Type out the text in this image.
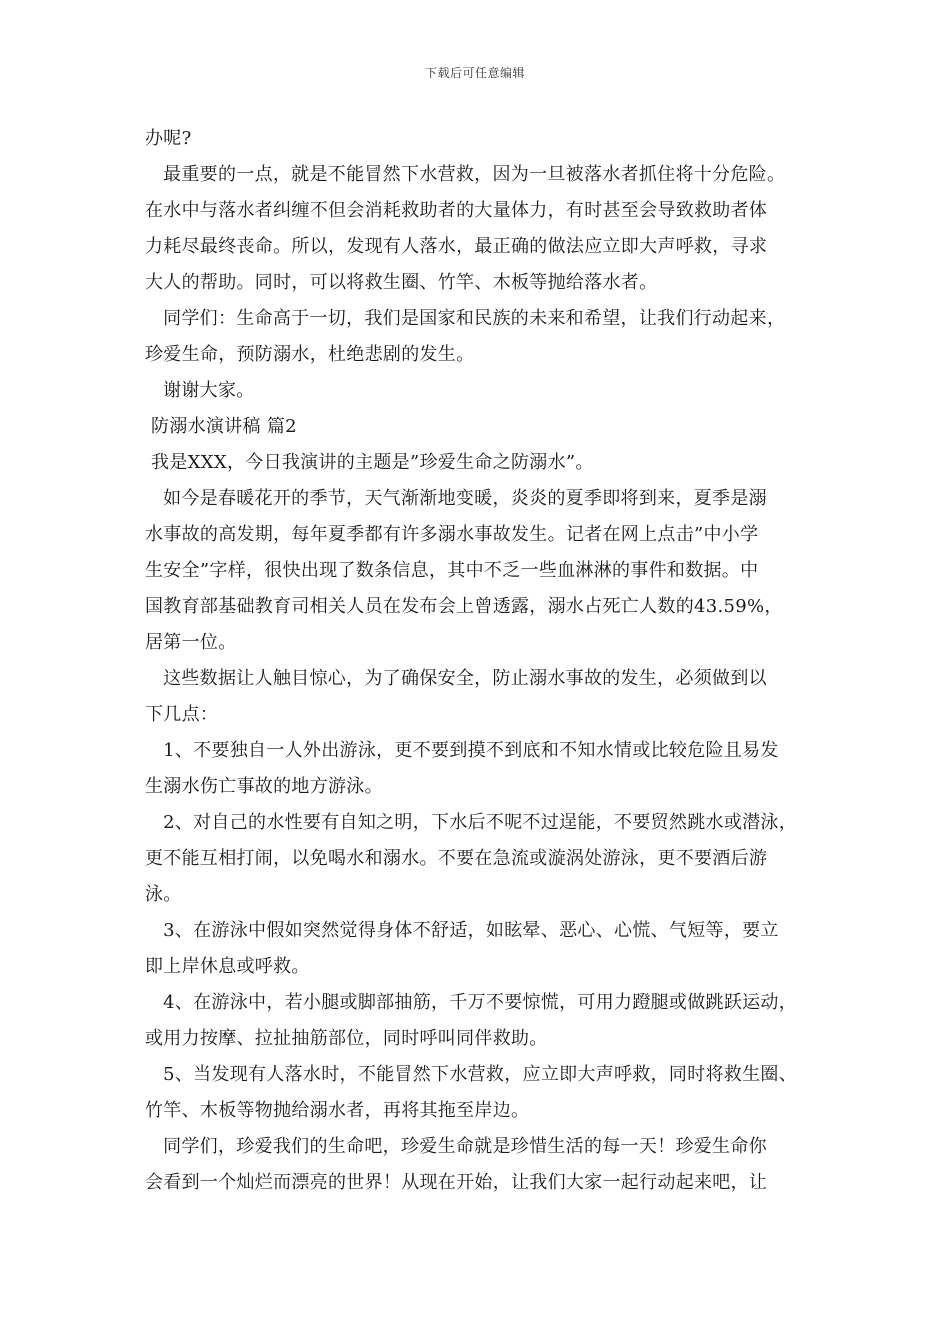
下载后可任意编辑

办呢?

最重要的一点，就是不能冒然下水营救，因为一旦被落水者抓住将十分危险。

在水中与落水者纠缠不但会消耗救助者的大量体力，有时甚至会导致救助者体

力耗尽最终丧命。所以，发现有人落水，最正确的做法应立即大声呼救，寻求

大人的帮助。同时，可以将救生圈、竹竿、木板等抛给落水者。

同学们：生命高于一切，我们是国家和民族的未来和希望，让我们行动起来，

珍爱生命，预防溺水，杜绝悲剧的发生。

谢谢大家。

防溺水演讲稿 篇2

我是XXX，今日我演讲的主题是”珍爱生命之防溺水”。

如今是春暖花开的季节，天气渐渐地变暖，炎炎的夏季即将到来，夏季是溺

水事故的高发期，每年夏季都有许多溺水事故发生。记者在网上点击”中小学

生安全”字样，很快出现了数条信息，其中不乏一些血淋淋的事件和数据。中

国教育部基础教育司相关人员在发布会上曾透露，溺水占死亡人数的43.59%，

居第一位。

这些数据让人触目惊心，为了确保安全，防止溺水事故的发生，必须做到以

下几点：

1、不要独自一人外出游泳，更不要到摸不到底和不知水情或比较危险且易发

生溺水伤亡事故的地方游泳。

2、对自己的水性要有自知之明，下水后不呢不过逞能，不要贸然跳水或潜泳，

更不能互相打闹，以免喝水和溺水。不要在急流或漩涡处游泳，更不要酒后游

泳。

3、在游泳中假如突然觉得身体不舒适，如眩晕、恶心、心慌、气短等，要立

即上岸休息或呼救。

4、在游泳中，若小腿或脚部抽筋，千万不要惊慌，可用力蹬腿或做跳跃运动，

或用力按摩、拉扯抽筋部位，同时呼叫同伴救助。

5、当发现有人落水时，不能冒然下水营救，应立即大声呼救，同时将救生圈、

竹竿、木板等物抛给溺水者，再将其拖至岸边。

同学们，珍爱我们的生命吧，珍爱生命就是珍惜生活的每一天！珍爱生命你

会看到一个灿烂而漂亮的世界！从现在开始，让我们大家一起行动起来吧，让
